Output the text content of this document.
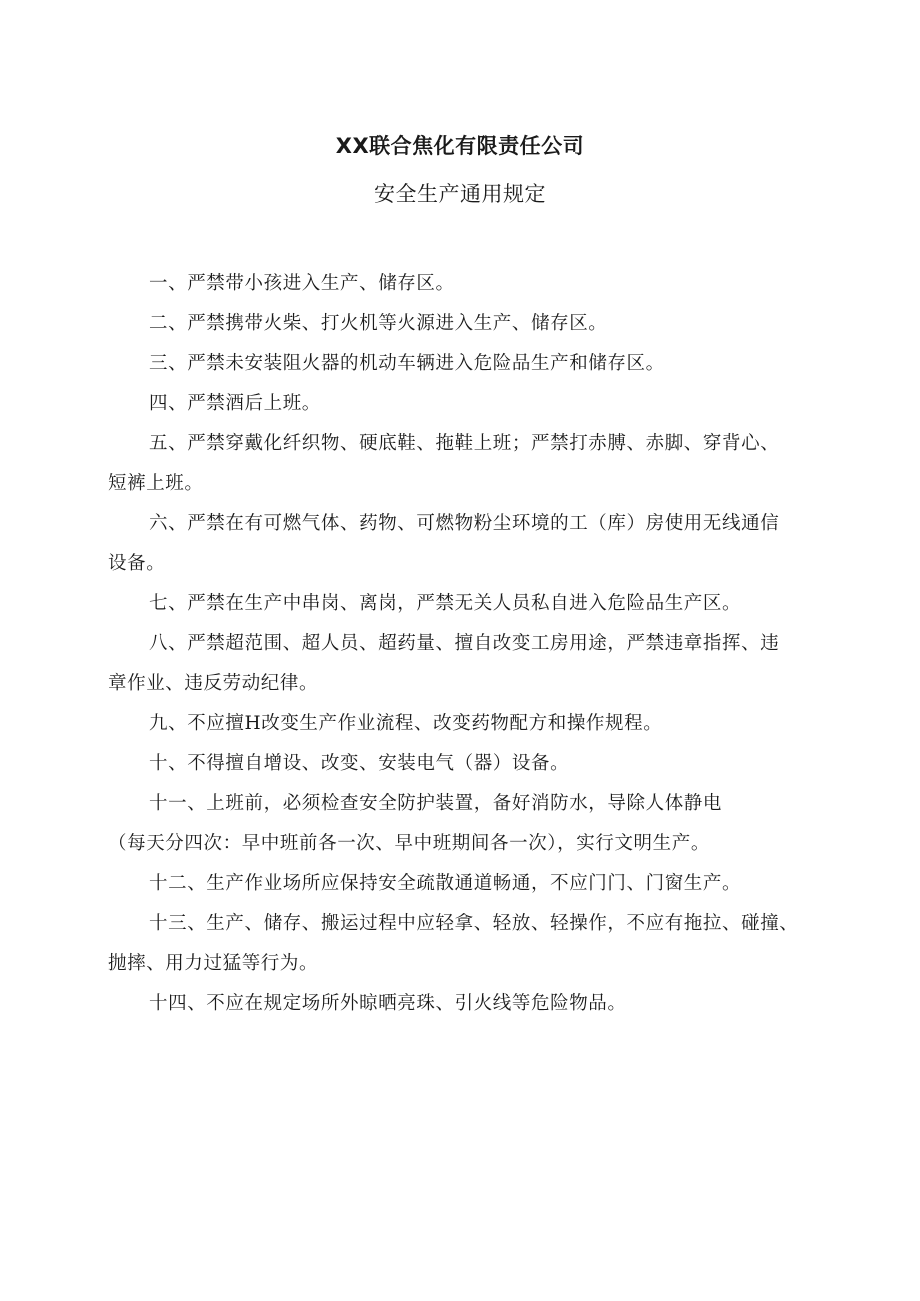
XX联合焦化有限责任公司
安全生产通用规定

一、严禁带小孩进入生产、储存区。

二、严禁携带火柴、打火机等火源进入生产、储存区。

三、严禁未安装阻火器的机动车辆进入危险品生产和储存区。

四、严禁酒后上班。

五、严禁穿戴化纤织物、硬底鞋、拖鞋上班；严禁打赤膊、赤脚、穿背心、
短裤上班。

六、严禁在有可燃气体、药物、可燃物粉尘环境的工（库）房使用无线通信
设备。

七、严禁在生产中串岗、离岗，严禁无关人员私自进入危险品生产区。

八、严禁超范围、超人员、超药量、擅自改变工房用途，严禁违章指挥、违
章作业、违反劳动纪律。

九、不应擅H改变生产作业流程、改变药物配方和操作规程。

十、不得擅自增设、改变、安装电气（器）设备。

十一、上班前，必须检查安全防护装置，备好消防水，导除人体静电
（每天分四次：早中班前各一次、早中班期间各一次），实行文明生产。

十二、生产作业场所应保持安全疏散通道畅通，不应门门、门窗生产。

十三、生产、储存、搬运过程中应轻拿、轻放、轻操作，不应有拖拉、碰撞、
抛摔、用力过猛等行为。

十四、不应在规定场所外晾晒亮珠、引火线等危险物品。
